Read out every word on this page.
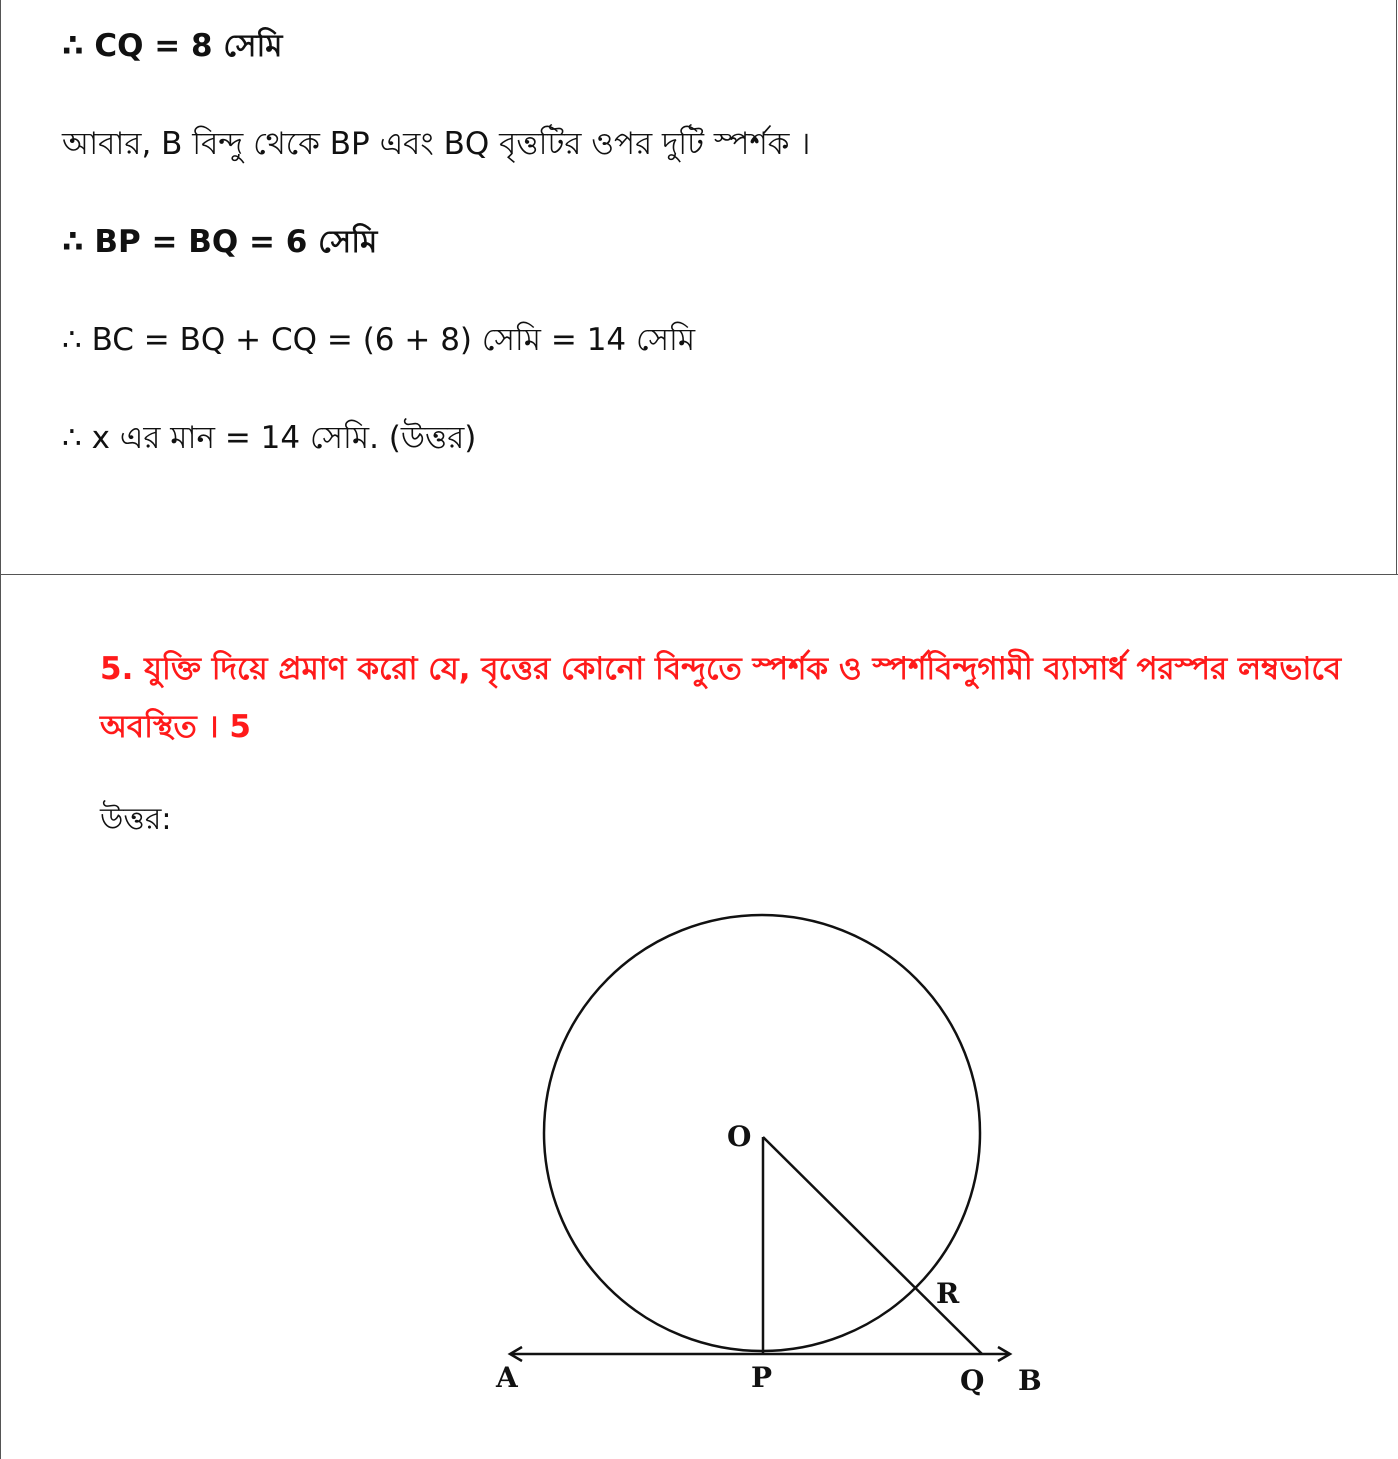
∴ CQ = 8 সেমি
আবার, B বিন্দু থেকে BP এবং BQ বৃত্তটির ওপর দুটি স্পর্শক ।
∴ BP = BQ = 6 সেমি
∴ BC = BQ + CQ = (6 + 8) সেমি = 14 সেমি
∴ x এর মান = 14 সেমি. (উত্তর)
5. যুক্তি দিয়ে প্রমাণ করো যে, বৃত্তের কোনো বিন্দুতে স্পর্শক ও স্পর্শবিন্দুগামী ব্যাসার্ধ পরস্পর লম্বভাবে অবস্থিত । 5
উত্তর:
O
R
A	P	Q B
